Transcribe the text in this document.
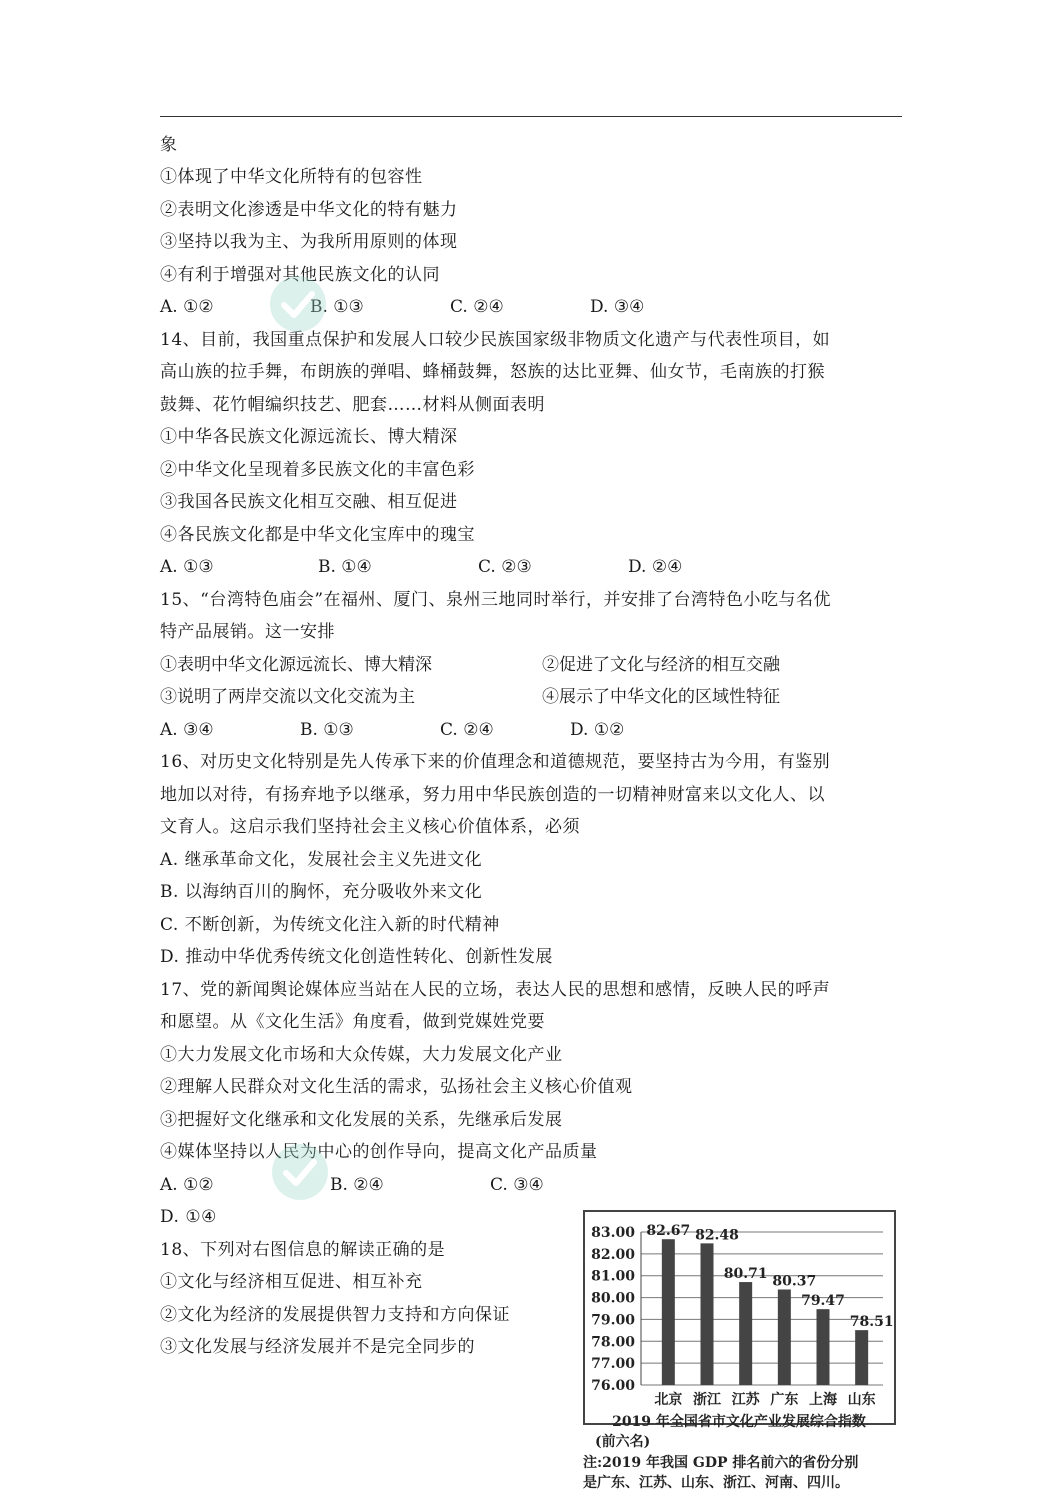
象
①体现了中华文化所特有的包容性
②表明文化渗透是中华文化的特有魅力
③坚持以我为主、为我所用原则的体现
④有利于增强对其他民族文化的认同
A. ①②	B. ①③	C. ②④	D. ③④
14、目前，我国重点保护和发展人口较少民族国家级非物质文化遗产与代表性项目，如
高山族的拉手舞，布朗族的弹唱、蜂桶鼓舞，怒族的达比亚舞、仙女节，毛南族的打猴
鼓舞、花竹帽编织技艺、肥套……材料从侧面表明
①中华各民族文化源远流长、博大精深
②中华文化呈现着多民族文化的丰富色彩
③我国各民族文化相互交融、相互促进
④各民族文化都是中华文化宝库中的瑰宝
A. ①③	B. ①④	C. ②③	D. ②④
15、“台湾特色庙会”在福州、厦门、泉州三地同时举行，并安排了台湾特色小吃与名优
特产品展销。这一安排
①表明中华文化源远流长、博大精深	②促进了文化与经济的相互交融
③说明了两岸交流以文化交流为主	④展示了中华文化的区域性特征
A. ③④	B. ①③	C. ②④	D. ①②
16、对历史文化特别是先人传承下来的价值理念和道德规范，要坚持古为今用，有鉴别
地加以对待，有扬弃地予以继承，努力用中华民族创造的一切精神财富来以文化人、以
文育人。这启示我们坚持社会主义核心价值体系，必须
A. 继承革命文化，发展社会主义先进文化
B. 以海纳百川的胸怀，充分吸收外来文化
C. 不断创新，为传统文化注入新的时代精神
D. 推动中华优秀传统文化创造性转化、创新性发展
17、党的新闻舆论媒体应当站在人民的立场，表达人民的思想和感情，反映人民的呼声
和愿望。从《文化生活》角度看，做到党媒姓党要
①大力发展文化市场和大众传媒，大力发展文化产业
②理解人民群众对文化生活的需求，弘扬社会主义核心价值观
③把握好文化继承和文化发展的关系，先继承后发展
④媒体坚持以人民为中心的创作导向，提高文化产品质量
A. ①②	B. ②④	C. ③④
D. ①④
18、下列对右图信息的解读正确的是
①文化与经济相互促进、相互补充
②文化为经济的发展提供智力支持和方向保证
③文化发展与经济发展并不是完全同步的
76.00
77.00
78.00
79.00
80.00
81.00
82.00
83.00 82.67
北京
82.48
浙江
80.71
江苏
80.37
广东
79.47
上海
78.51
山东
2019 年全国省市文化产业发展综合指数
(前六名)
注:2019 年我国 GDP 排名前六的省份分别
是广东、江苏、山东、浙江、河南、四川。
